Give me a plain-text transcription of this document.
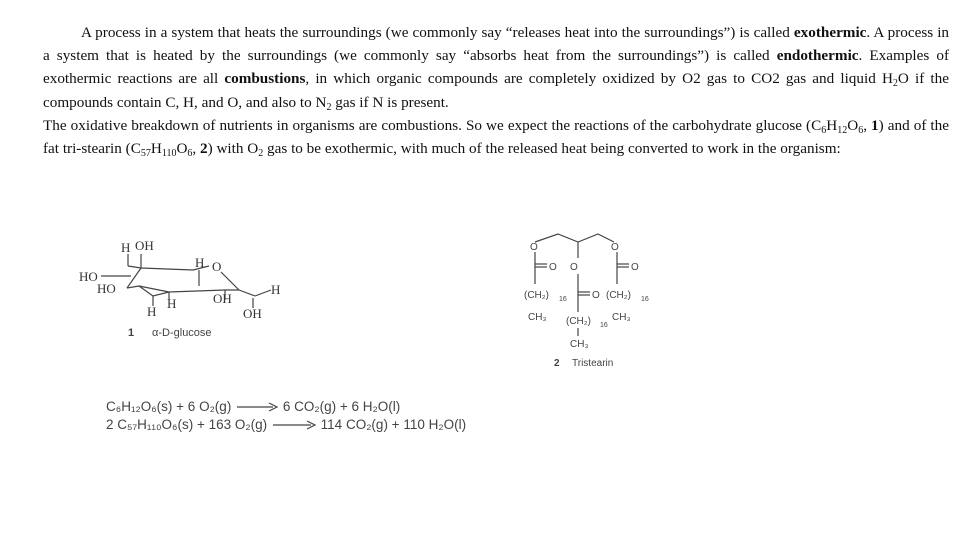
A process in a system that heats the surroundings (we commonly say “releases heat into the surroundings”) is called exothermic. A process in a system that is heated by the surroundings (we commonly say “absorbs heat from the surroundings”) is called endothermic. Examples of exothermic reactions are all combustions, in which organic compounds are completely oxidized by O2 gas to CO2 gas and liquid $H_2O$ if the compounds contain C, H, and O, and also to $N_2$ gas if N is present.

The oxidative breakdown of nutrients in organisms are combustions. So we expect the reactions of the carbohydrate glucose ($C_6H_{12}O_6$, 1) and of the fat tri-stearin ($C_{57}H_{110}O_6$, 2) with $O_2$ gas to be exothermic, with much of the released heat being converted to work in the organism:

H OH
H O
HO
HO	H
OH
H
H
OH
1 α-D-glucose
O	O
O O	O
(CH₂) 16	O (CH₂) 16
CH₃ (CH₂) 16
CH₃
CH₃
2 Tristearin
C₆H₁₂O₆(s) + 6 O₂(g) → 6 CO₂(g) + 6 H₂O(l)
2 C₅₇H₁₁₀O₆(s) + 163 O₂(g) → 114 CO₂(g) + 110 H₂O(l)
